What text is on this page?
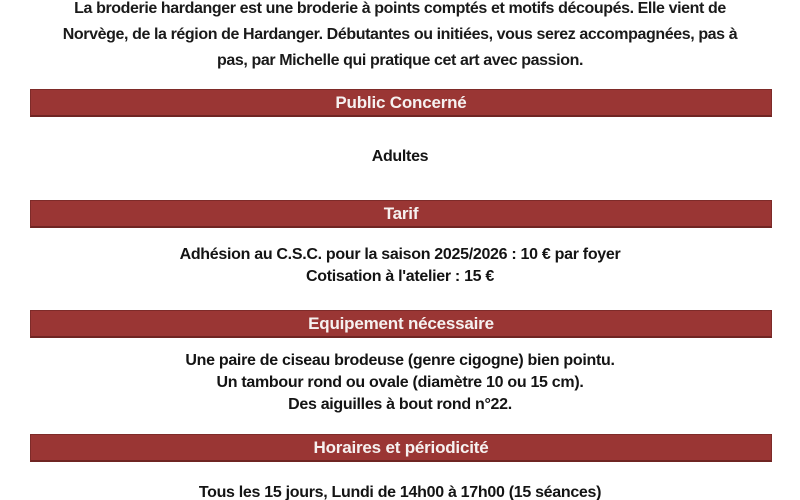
La broderie hardanger est une broderie à points comptés et motifs découpés. Elle vient de
Norvège, de la région de Hardanger. Débutantes ou initiées, vous serez accompagnées, pas à
pas, par Michelle qui pratique cet art avec passion.
Public Concerné
Adultes
Tarif
Adhésion au C.S.C. pour la saison 2025/2026 : 10 € par foyer
Cotisation à l'atelier : 15 €
Equipement nécessaire
Une paire de ciseau brodeuse (genre cigogne) bien pointu.
Un tambour rond ou ovale (diamètre 10 ou 15 cm).
Des aiguilles à bout rond n°22.
Horaires et périodicité
Tous les 15 jours, Lundi de 14h00 à 17h00 (15 séances)
